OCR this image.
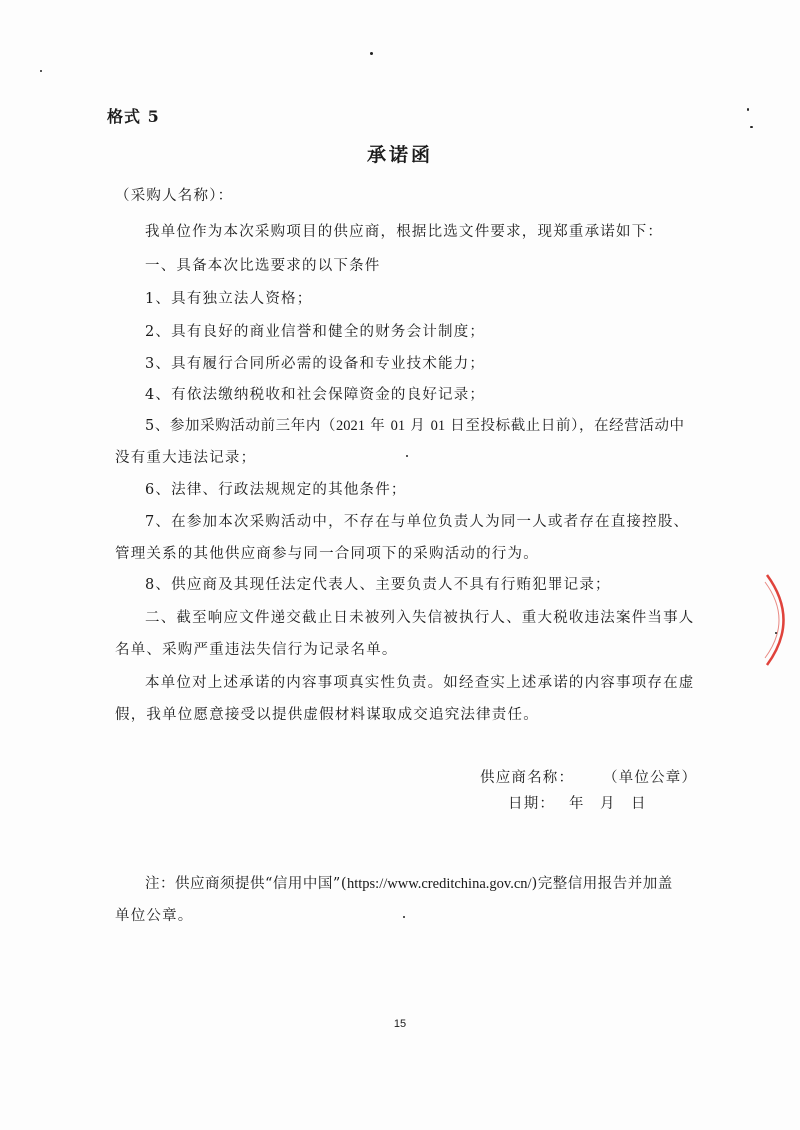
格式 5
承诺函
（采购人名称）：
我单位作为本次采购项目的供应商，根据比选文件要求，现郑重承诺如下：
一、具备本次比选要求的以下条件
1、具有独立法人资格；
2、具有良好的商业信誉和健全的财务会计制度；
3、具有履行合同所必需的设备和专业技术能力；
4、有依法缴纳税收和社会保障资金的良好记录；
5、参加采购活动前三年内（2021 年 01 月 01 日至投标截止日前），在经营活动中
没有重大违法记录；
6、法律、行政法规规定的其他条件；
7、在参加本次采购活动中，不存在与单位负责人为同一人或者存在直接控股、
管理关系的其他供应商参与同一合同项下的采购活动的行为。
8、供应商及其现任法定代表人、主要负责人不具有行贿犯罪记录；
二、截至响应文件递交截止日未被列入失信被执行人、重大税收违法案件当事人
名单、采购严重违法失信行为记录名单。
本单位对上述承诺的内容事项真实性负责。如经查实上述承诺的内容事项存在虚
假，我单位愿意接受以提供虚假材料谋取成交追究法律责任。
供应商名称： （单位公章）
日期： 年 月 日
注：供应商须提供“信用中国”(https://www.creditchina.gov.cn/)完整信用报告并加盖
单位公章。
15
